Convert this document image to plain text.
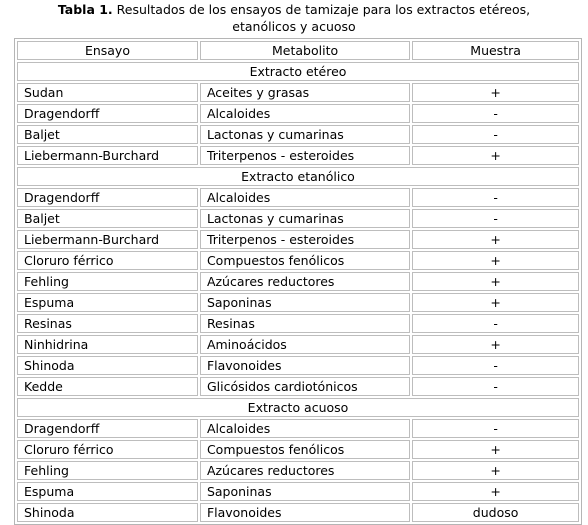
Tabla 1. Resultados de los ensayos de tamizaje para los extractos etéreos,
etanólicos y acuoso
Ensayo	Metabolito	Muestra
Extracto etéreo		
Sudan	Aceites y grasas	+
Dragendorff	Alcaloides	-
Baljet	Lactonas y cumarinas	-
Liebermann-Burchard	Triterpenos - esteroides	+
Extracto etanólico		
Dragendorff	Alcaloides	-
Baljet	Lactonas y cumarinas	-
Liebermann-Burchard	Triterpenos - esteroides	+
Cloruro férrico	Compuestos fenólicos	+
Fehling	Azúcares reductores	+
Espuma	Saponinas	+
Resinas	Resinas	-
Ninhidrina	Aminoácidos	+
Shinoda	Flavonoides	-
Kedde	Glicósidos cardiotónicos	-
Extracto acuoso		
Dragendorff	Alcaloides	-
Cloruro férrico	Compuestos fenólicos	+
Fehling	Azúcares reductores	+
Espuma	Saponinas	+
Shinoda	Flavonoides	dudoso
